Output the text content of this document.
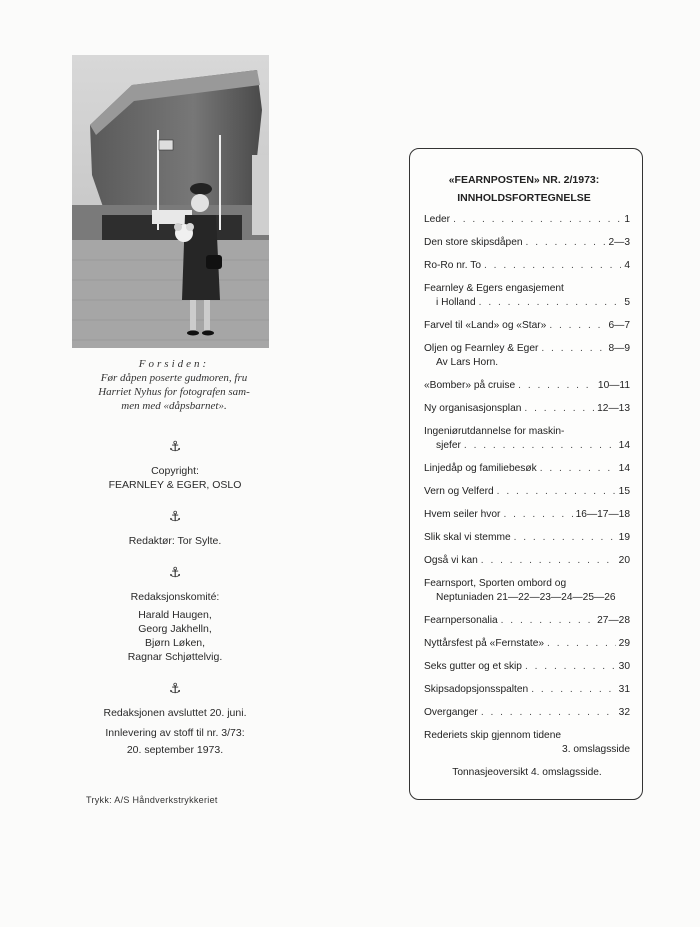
Forsiden:
Før dåpen poserte gudmoren, fru
Harriet Nyhus for fotografen sam-
men med «dåpsbarnet».
⚓
Copyright:
FEARNLEY & EGER, OSLO
⚓
Redaktør: Tor Sylte.
⚓
Redaksjonskomité:
Harald Haugen,
Georg Jakhelln,
Bjørn Løken,
Ragnar Schjøttelvig.
⚓
Redaksjonen avsluttet 20. juni.
Innlevering av stoff til nr. 3/73:
20. september 1973.
Trykk: A/S Håndverkstrykkeriet
«FEARNPOSTEN» NR. 2/1973:
INNHOLDSFORTEGNELSE
Leder . . .	1
Den store skipsdåpen . . .	2—3
Ro-Ro nr. To . . .	4
Fearnley & Egers engasjement
i Holland . . .	5
Farvel til «Land» og «Star» . . .	6—7
Oljen og Fearnley & Eger . . .	8—9
Av Lars Horn.
«Bomber» på cruise . . .	10—11
Ny organisasjonsplan . . .	12—13
Ingeniørutdannelse for maskin-
sjefer . . .	14
Linjedåp og familiebesøk . . .	14
Vern og Velferd . . .	15
Hvem seiler hvor . . .	16—17—18
Slik skal vi stemme . . .	19
Også vi kan . . .	20
Fearnsport, Sporten ombord og
Neptuniaden 21—22—23—24—25—26
Fearnpersonalia . . .	27—28
Nyttårsfest på «Fernstate» . . .	29
Seks gutter og et skip . . .	30
Skipsadopsjonsspalten . . .	31
Overganger . . .	32
Rederiets skip gjennom tidene
3. omslagsside
Tonnasjeoversikt 4. omslagsside.
